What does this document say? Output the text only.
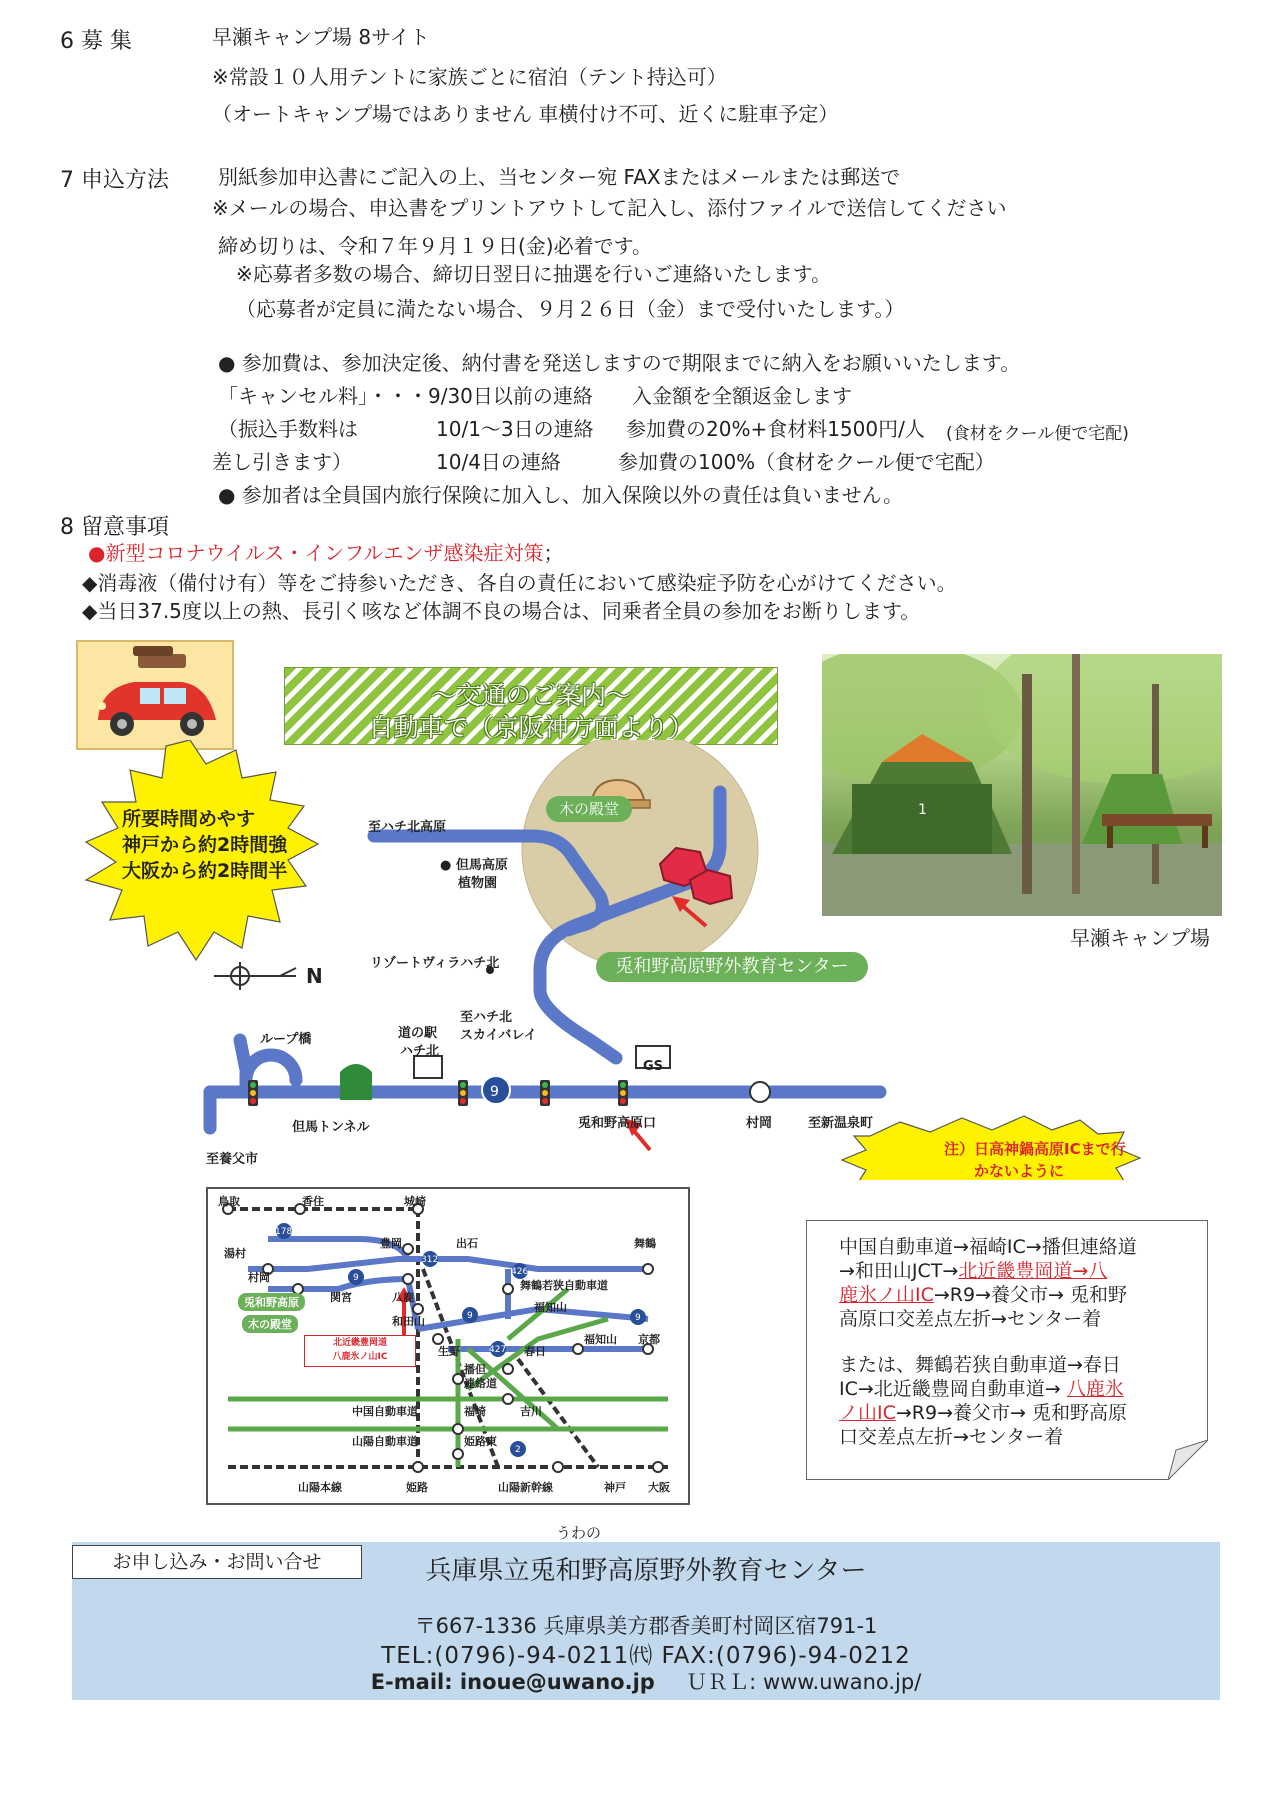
6 募 集	早瀬キャンプ場 8サイト
※常設１０人用テントに家族ごとに宿泊（テント持込可）
（オートキャンプ場ではありません 車横付け不可、近くに駐車予定）
7 申込方法 別紙参加申込書にご記入の上、当センター宛 FAXまたはメールまたは郵送で
※メールの場合、申込書をプリントアウトして記入し、添付ファイルで送信してください
締め切りは、令和７年９月１９日(金)必着です。
※応募者多数の場合、締切日翌日に抽選を行いご連絡いたします。
（応募者が定員に満たない場合、９月２６日（金）まで受付いたします。）
● 参加費は、参加決定後、納付書を発送しますので期限までに納入をお願いいたします。
「キャンセル料」・・・9/30日以前の連絡 入金額を全額返金します
（振込手数料は	10/1～3日の連絡 参加費の20%+食材料1500円/人 (食材をクール便で宅配)
差し引きます）	10/4日の連絡	参加費の100%（食材をクール便で宅配）
● 参加者は全員国内旅行保険に加入し、加入保険以外の責任は負いません。
8 留意事項
●新型コロナウイルス・インフルエンザ感染症対策；
◆消毒液（備付け有）等をご持参いただき、各自の責任において感染症予防を心がけてください。
◆当日37.5度以上の熱、長引く咳など体調不良の場合は、同乗者全員の参加をお断りします。
～交通のご案内～
自動車で（京阪神方面より）
1
早瀬キャンプ場
9
所要時間めやす
神戸から約2時間強
大阪から約2時間半
至ハチ北高原
● 但馬高原
植物園
木の殿堂
兎和野高原野外教育センター
リゾートヴィラハチ北
道の駅
ハチ北
至ハチ北
スカイバレイ
ループ橋
但馬トンネル
至養父市
GS
兎和野高原口	村岡	至新温泉町
N
注）日高神鍋高原ICまで行
かないように
178
9
312
426
9
427
9
2
鳥取	香住	城崎
湯村
村岡
豊岡	出石	舞鶴
兎和野高原
木の殿堂
関宮	八鹿
舞鶴若狭自動車道
福知山
和田山
北近畿豊岡道
八鹿氷ノ山IC	生野	春日
福知山 京都
播但
連絡道
中国自動車道	福崎	吉川
山陽自動車道	姫路東
山陽本線	姫路	山陽新幹線	神戸 大阪

中国自動車道→福崎IC→播但連絡道

→和田山JCT→北近畿豊岡道→八

鹿氷ノ山IC→R9→養父市→ 兎和野

高原口交差点左折→センター着

または、舞鶴若狭自動車道→春日

IC→北近畿豊岡自動車道→ 八鹿氷

ノ山IC→R9→養父市→ 兎和野高原

口交差点左折→センター着

お申し込み・お問い合せ
うわの
兵庫県立兎和野高原野外教育センター
〒667-1336 兵庫県美方郡香美町村岡区宿791-1
TEL:(0796)-94-0211㈹ FAX:(0796)-94-0212
E-mail: inoue@uwano.jp ＵＲＬ: www.uwano.jp/
